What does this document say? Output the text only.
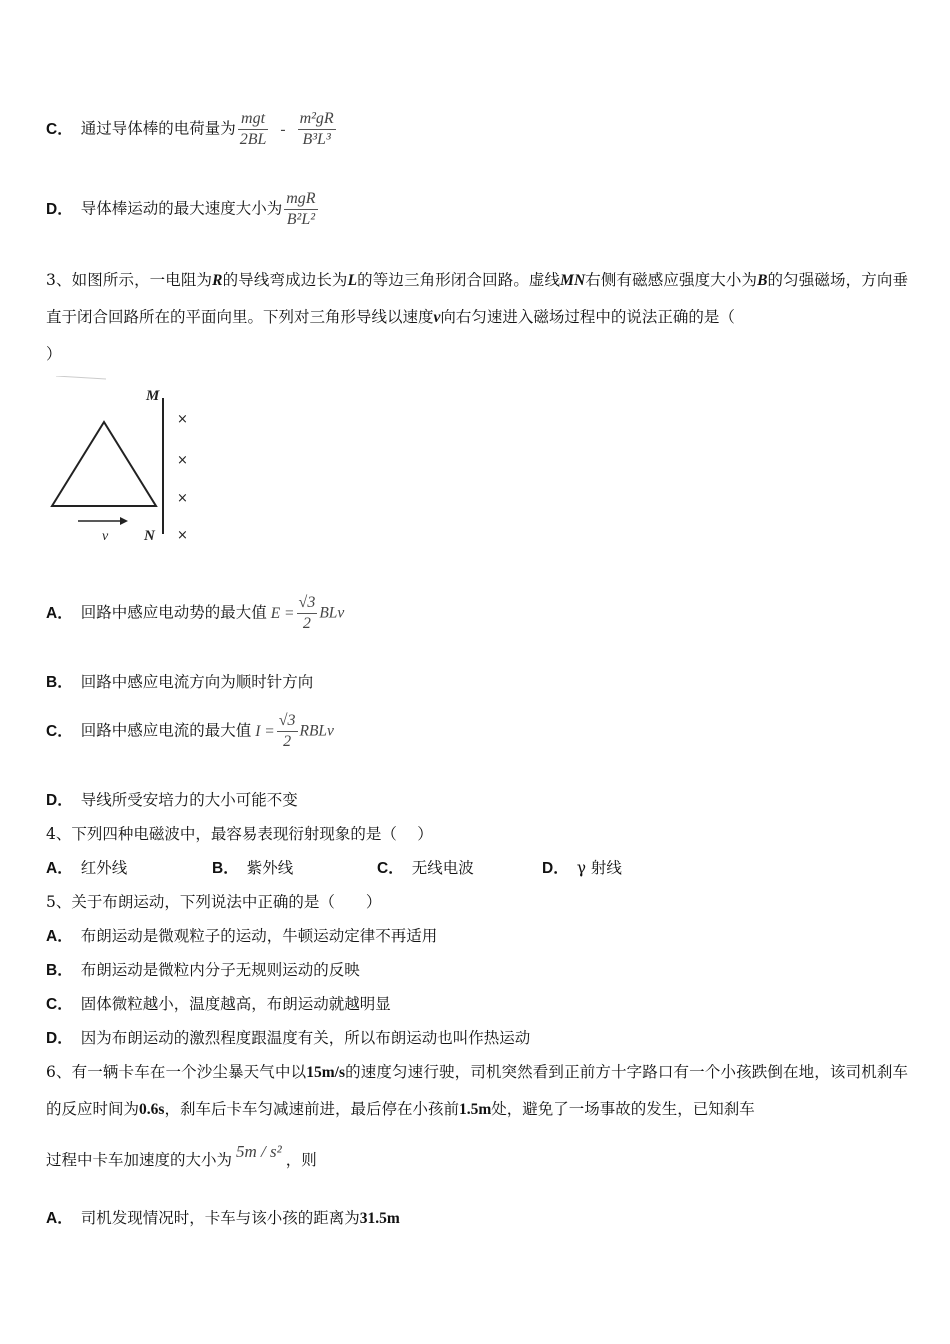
C． 通过导体棒的电荷量为 $\frac{\text{mgt}}{2BL} - \frac{\text{m²gR}}{\text{B³L³}}$
D． 导体棒运动的最大速度大小为 $\frac{\text{mgR}}{\text{B²L²}}$
3、如图所示，一电阻为R的导线弯成边长为L的等边三角形闭合回路。虚线MN右侧有磁感应强度大小为B的匀强磁场，方向垂直于闭合回路所在的平面向里。下列对三角形导线以速度v向右匀速进入磁场过程中的说法正确的是（
）
M
N
×
×
×
×
v
A． 回路中感应电动势的最大值 $E = \frac{√3}{2}$ BLv
B． 回路中感应电流方向为顺时针方向
C． 回路中感应电流的最大值 $I = \frac{√3}{2}$ RBLv
D． 导线所受安培力的大小可能不变
4、下列四种电磁波中，最容易表现衍射现象的是（　 ）
A． 红外线	B． 紫外线	C． 无线电波	D． γ 射线
5、关于布朗运动，下列说法中正确的是（　　）
A． 布朗运动是微观粒子的运动，牛顿运动定律不再适用
B． 布朗运动是微粒内分子无规则运动的反映
C． 固体微粒越小，温度越高，布朗运动就越明显
D． 因为布朗运动的激烈程度跟温度有关，所以布朗运动也叫作热运动
6、有一辆卡车在一个沙尘暴天气中以15m/s的速度匀速行驶，司机突然看到正前方十字路口有一个小孩跌倒在地，该司机刹车的反应时间为0.6s，刹车后卡车匀减速前进，最后停在小孩前1.5m处，避免了一场事故的发生，已知刹车
过程中卡车加速度的大小为 5m / s² ，则
A． 司机发现情况时，卡车与该小孩的距离为31.5m
